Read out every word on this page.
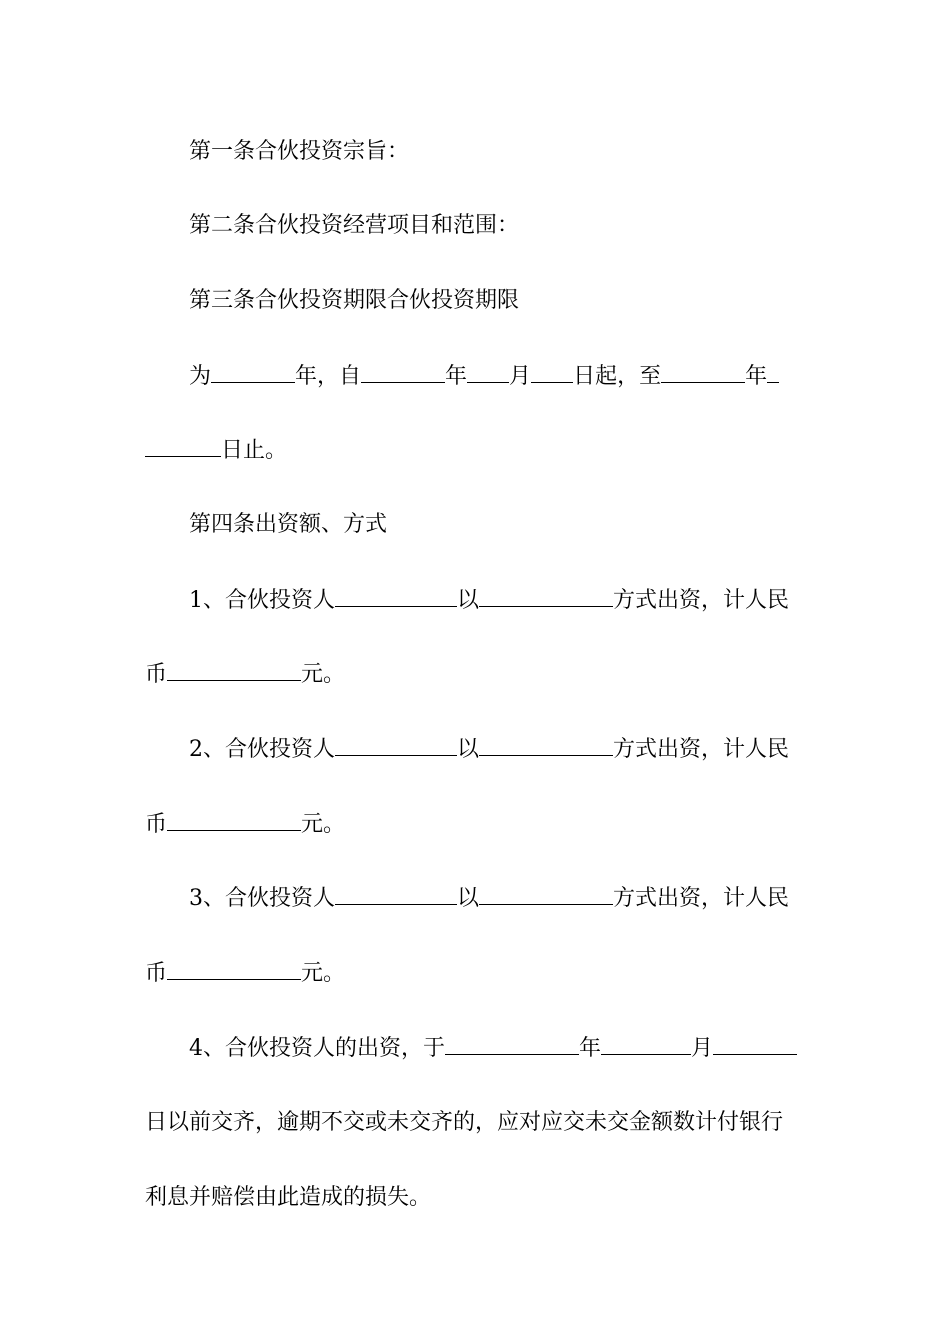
第一条合伙投资宗旨：
第二条合伙投资经营项目和范围：
第三条合伙投资期限合伙投资期限
为	年，自	年 月 日起，至	年
日止。
第四条出资额、方式
1、合伙投资人	以	方式出资，计人民
币	元。
2、合伙投资人	以	方式出资，计人民
币	元。
3、合伙投资人	以	方式出资，计人民
币	元。
4、合伙投资人的出资，于	年	月
日以前交齐，逾期不交或未交齐的，应对应交未交金额数计付银行
利息并赔偿由此造成的损失。
